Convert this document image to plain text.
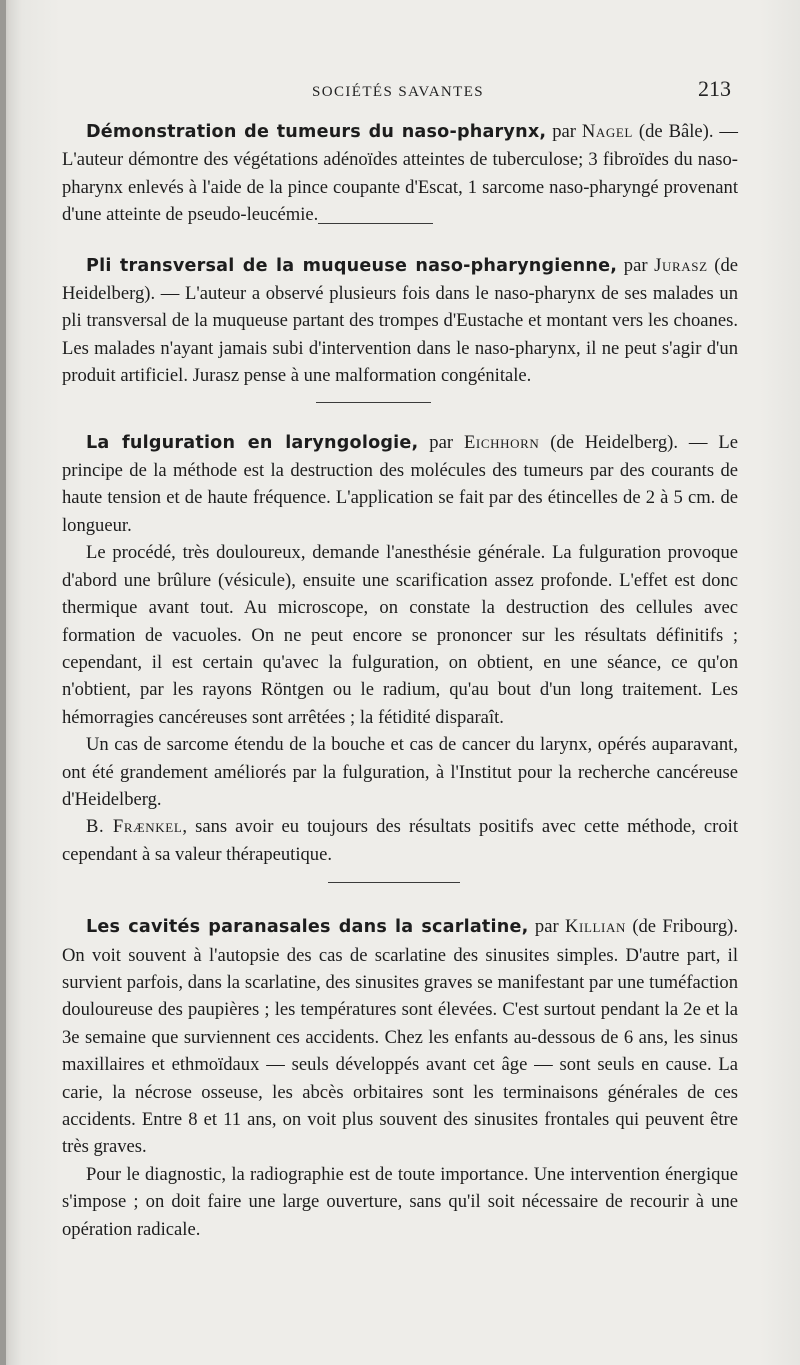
SOCIÉTÉS SAVANTES	213

Démonstration de tumeurs du naso-pharynx, par Nagel (de Bâle). — L'auteur démontre des végétations adénoïdes atteintes de tuberculose; 3 fibroïdes du naso-pharynx enlevés à l'aide de la pince coupante d'Escat, 1 sarcome naso-pharyngé provenant d'une atteinte de pseudo-leucémie.

Pli transversal de la muqueuse naso-pharyngienne, par Jurasz (de Heidelberg). — L'auteur a observé plusieurs fois dans le naso-pharynx de ses malades un pli transversal de la muqueuse partant des trompes d'Eustache et montant vers les choanes. Les malades n'ayant jamais subi d'intervention dans le naso-pharynx, il ne peut s'agir d'un produit artificiel. Jurasz pense à une malformation congénitale.

La fulguration en laryngologie, par Eichhorn (de Heidelberg). — Le principe de la méthode est la destruction des molécules des tumeurs par des courants de haute tension et de haute fréquence. L'application se fait par des étincelles de 2 à 5 cm. de longueur.

Le procédé, très douloureux, demande l'anesthésie générale. La fulguration provoque d'abord une brûlure (vésicule), ensuite une scarification assez profonde. L'effet est donc thermique avant tout. Au microscope, on constate la destruction des cellules avec formation de vacuoles. On ne peut encore se prononcer sur les résultats définitifs ; cependant, il est certain qu'avec la fulguration, on obtient, en une séance, ce qu'on n'obtient, par les rayons Röntgen ou le radium, qu'au bout d'un long traitement. Les hémorragies cancéreuses sont arrêtées ; la fétidité disparaît.

Un cas de sarcome étendu de la bouche et cas de cancer du larynx, opérés auparavant, ont été grandement améliorés par la fulguration, à l'Institut pour la recherche cancéreuse d'Heidelberg.

B. Frænkel, sans avoir eu toujours des résultats positifs avec cette méthode, croit cependant à sa valeur thérapeutique.

Les cavités paranasales dans la scarlatine, par Killian (de Fribourg). On voit souvent à l'autopsie des cas de scarlatine des sinusites simples. D'autre part, il survient parfois, dans la scarlatine, des sinusites graves se manifestant par une tuméfaction douloureuse des paupières ; les températures sont élevées. C'est surtout pendant la 2e et la 3e semaine que surviennent ces accidents. Chez les enfants au-dessous de 6 ans, les sinus maxillaires et ethmoïdaux — seuls développés avant cet âge — sont seuls en cause. La carie, la nécrose osseuse, les abcès orbitaires sont les terminaisons générales de ces accidents. Entre 8 et 11 ans, on voit plus souvent des sinusites frontales qui peuvent être très graves.

Pour le diagnostic, la radiographie est de toute importance. Une intervention énergique s'impose ; on doit faire une large ouverture, sans qu'il soit nécessaire de recourir à une opération radicale.
